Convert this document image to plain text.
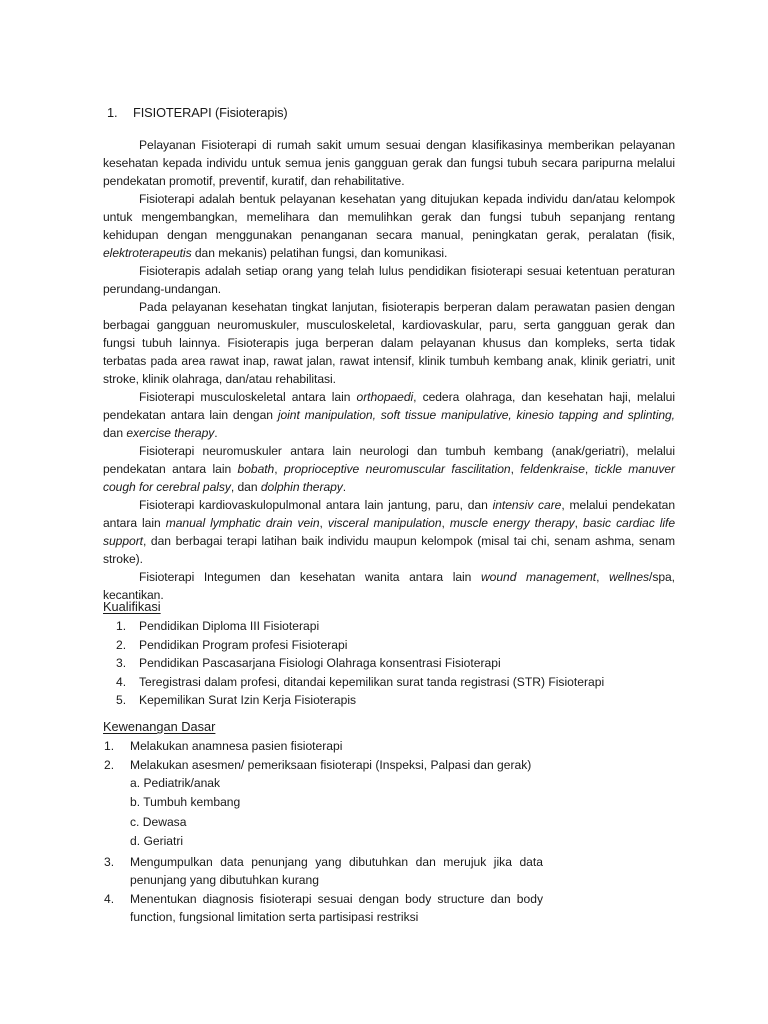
1. FISIOTERAPI (Fisioterapis)

Pelayanan Fisioterapi di rumah sakit umum sesuai dengan klasifikasinya memberikan pelayanan kesehatan kepada individu untuk semua jenis gangguan gerak dan fungsi tubuh secara paripurna melalui pendekatan promotif, preventif, kuratif, dan rehabilitative.

Fisioterapi adalah bentuk pelayanan kesehatan yang ditujukan kepada individu dan/atau kelompok untuk mengembangkan, memelihara dan memulihkan gerak dan fungsi tubuh sepanjang rentang kehidupan dengan menggunakan penanganan secara manual, peningkatan gerak, peralatan (fisik, elektroterapeutis dan mekanis) pelatihan fungsi, dan komunikasi.

Fisioterapis adalah setiap orang yang telah lulus pendidikan fisioterapi sesuai ketentuan peraturan perundang-undangan.

Pada pelayanan kesehatan tingkat lanjutan, fisioterapis berperan dalam perawatan pasien dengan berbagai gangguan neuromuskuler, musculoskeletal, kardiovaskular, paru, serta gangguan gerak dan fungsi tubuh lainnya. Fisioterapis juga berperan dalam pelayanan khusus dan kompleks, serta tidak terbatas pada area rawat inap, rawat jalan, rawat intensif, klinik tumbuh kembang anak, klinik geriatri, unit stroke, klinik olahraga, dan/atau rehabilitasi.

Fisioterapi musculoskeletal antara lain orthopaedi, cedera olahraga, dan kesehatan haji, melalui pendekatan antara lain dengan joint manipulation, soft tissue manipulative, kinesio tapping and splinting, dan exercise therapy.

Fisioterapi neuromuskuler antara lain neurologi dan tumbuh kembang (anak/geriatri), melalui pendekatan antara lain bobath, proprioceptive neuromuscular fascilitation, feldenkraise, tickle manuver cough for cerebral palsy, dan dolphin therapy.

Fisioterapi kardiovaskulopulmonal antara lain jantung, paru, dan intensiv care, melalui pendekatan antara lain manual lymphatic drain vein, visceral manipulation, muscle energy therapy, basic cardiac life support, dan berbagai terapi latihan baik individu maupun kelompok (misal tai chi, senam ashma, senam stroke).

Fisioterapi Integumen dan kesehatan wanita antara lain wound management, wellnes/spa, kecantikan.

Kualifikasi
1. Pendidikan Diploma III Fisioterapi
2. Pendidikan Program profesi Fisioterapi
3. Pendidikan Pascasarjana Fisiologi Olahraga konsentrasi Fisioterapi
4. Teregistrasi dalam profesi, ditandai kepemilikan surat tanda registrasi (STR) Fisioterapi
5. Kepemilikan Surat Izin Kerja Fisioterapis
Kewenangan Dasar
1. Melakukan anamnesa pasien fisioterapi
2. Melakukan asesmen/ pemeriksaan fisioterapi (Inspeksi, Palpasi dan gerak)
a. Pediatrik/anak
b. Tumbuh kembang
c. Dewasa
d. Geriatri
3. Mengumpulkan data penunjang yang dibutuhkan dan merujuk jika data penunjang yang dibutuhkan kurang
4. Menentukan diagnosis fisioterapi sesuai dengan body structure dan body function, fungsional limitation serta partisipasi restriksi
